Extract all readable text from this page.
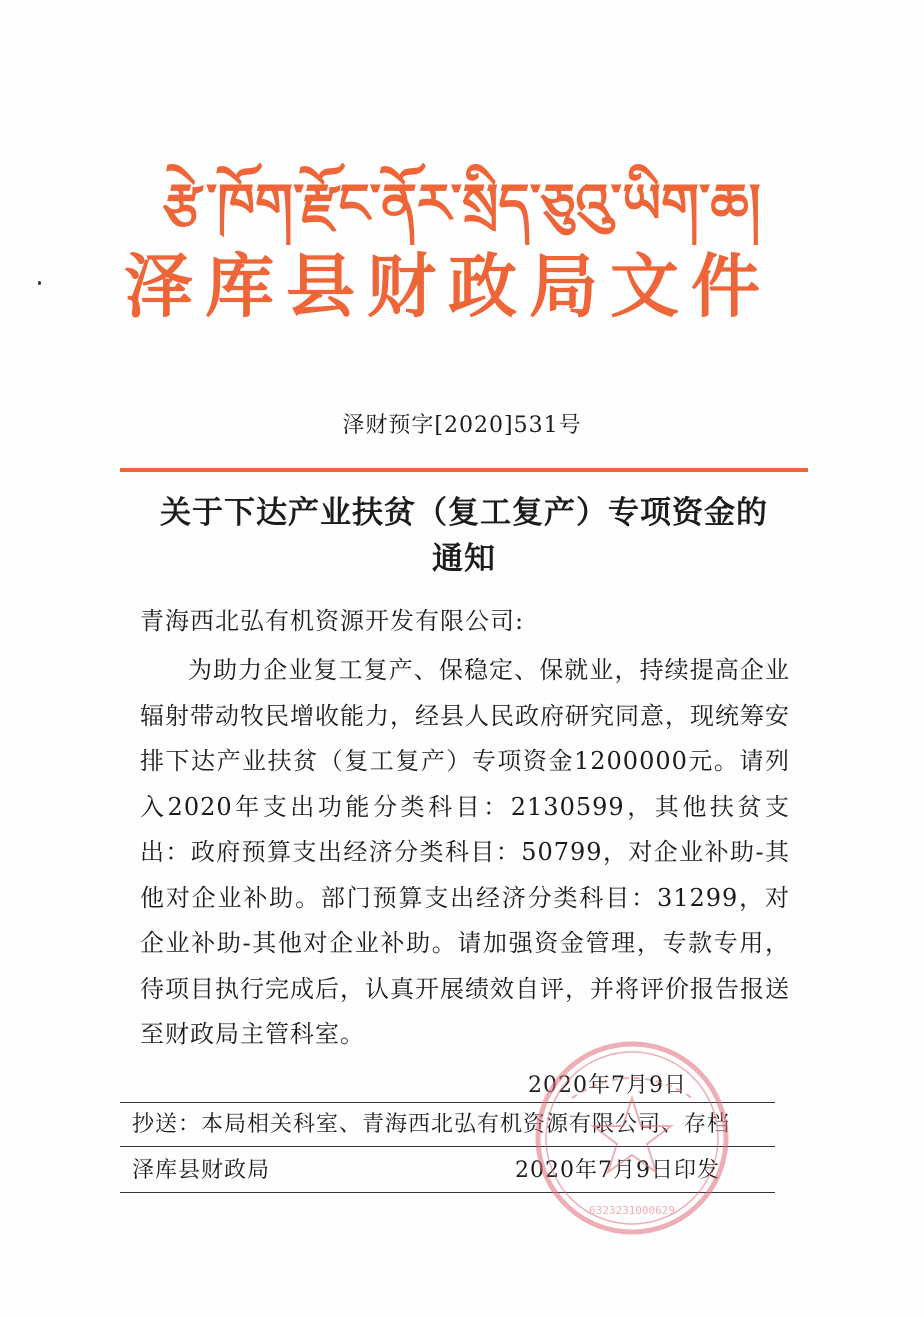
རྩེ་ཁོག་རྫོང་ནོར་སྲིད་ཅུའུ་ཡིག་ཆ།
泽库县财政局文件
泽财预字[2020]531号
关于下达产业扶贫（复工复产）专项资金的
通知
青海西北弘有机资源开发有限公司:

为助力企业复工复产、保稳定、保就业，持续提高企业辐射带动牧民增收能力，经县人民政府研究同意，现统筹安排下达产业扶贫（复工复产）专项资金1200000元。请列入2020年支出功能分类科目：2130599，其他扶贫支出：政府预算支出经济分类科目：50799，对企业补助-其他对企业补助。部门预算支出经济分类科目：31299，对企业补助-其他对企业补助。请加强资金管理，专款专用，待项目执行完成后，认真开展绩效自评，并将评价报告报送至财政局主管科室。

2020年7月9日
抄送：本局相关科室、青海西北弘有机资源有限公司、存档
泽库县财政局	2020年7月9日印发
6323231000629
